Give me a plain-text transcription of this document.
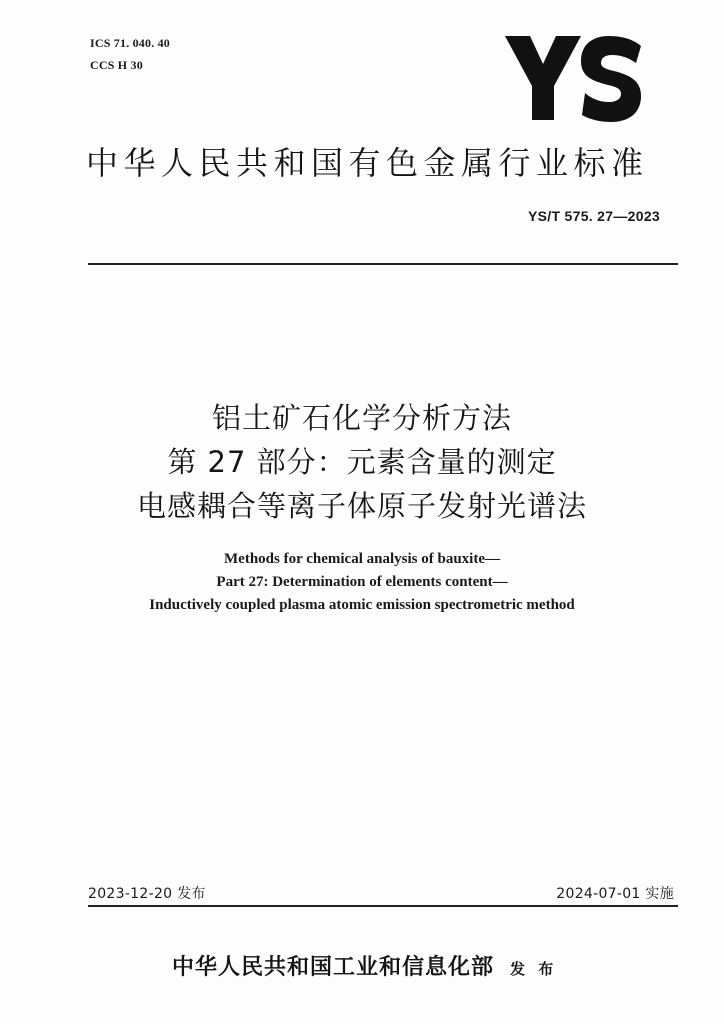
ICS 71. 040. 40
CCS H 30
中华人民共和国有色金属行业标准
YS/T 575. 27—2023
铝土矿石化学分析方法
第 27 部分：元素含量的测定
电感耦合等离子体原子发射光谱法
Methods for chemical analysis of bauxite—
Part 27: Determination of elements content—
Inductively coupled plasma atomic emission spectrometric method
2023-12-20 发布	2024-07-01 实施
中华人民共和国工业和信息化部 发 布
